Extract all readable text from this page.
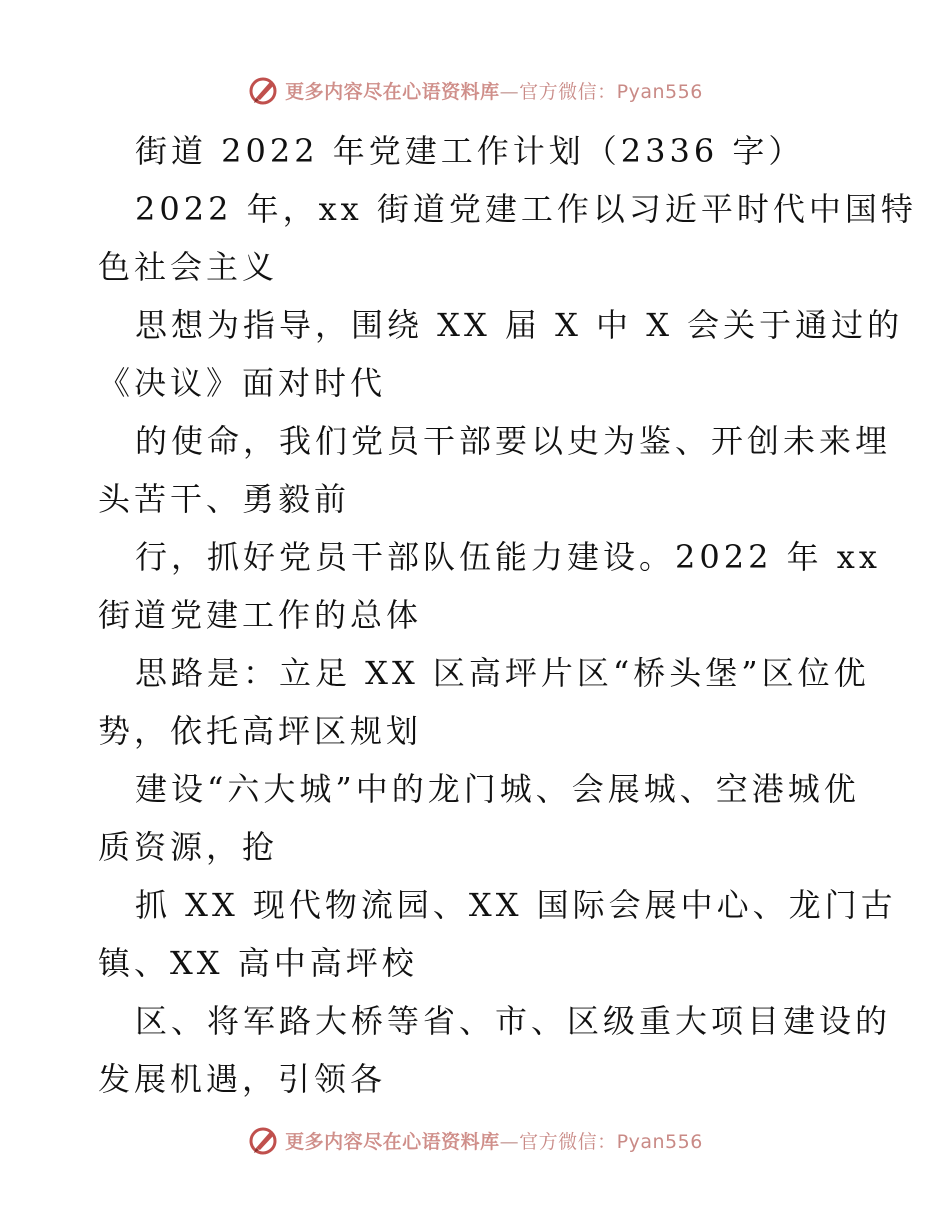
更多内容尽在心语资料库—官方微信：Pyan556
街道 2022 年党建工作计划（2336 字）
2022 年，xx 街道党建工作以习近平时代中国特
色社会主义
思想为指导，围绕 XX 届 X 中 X 会关于通过的
《决议》面对时代
的使命，我们党员干部要以史为鉴、开创未来埋
头苦干、勇毅前
行，抓好党员干部队伍能力建设。2022 年 xx
街道党建工作的总体
思路是：立足 XX 区高坪片区“桥头堡”区位优
势，依托高坪区规划
建设“六大城”中的龙门城、会展城、空港城优
质资源，抢
抓 XX 现代物流园、XX 国际会展中心、龙门古
镇、XX 高中高坪校
区、将军路大桥等省、市、区级重大项目建设的
发展机遇，引领各
更多内容尽在心语资料库—官方微信：Pyan556
